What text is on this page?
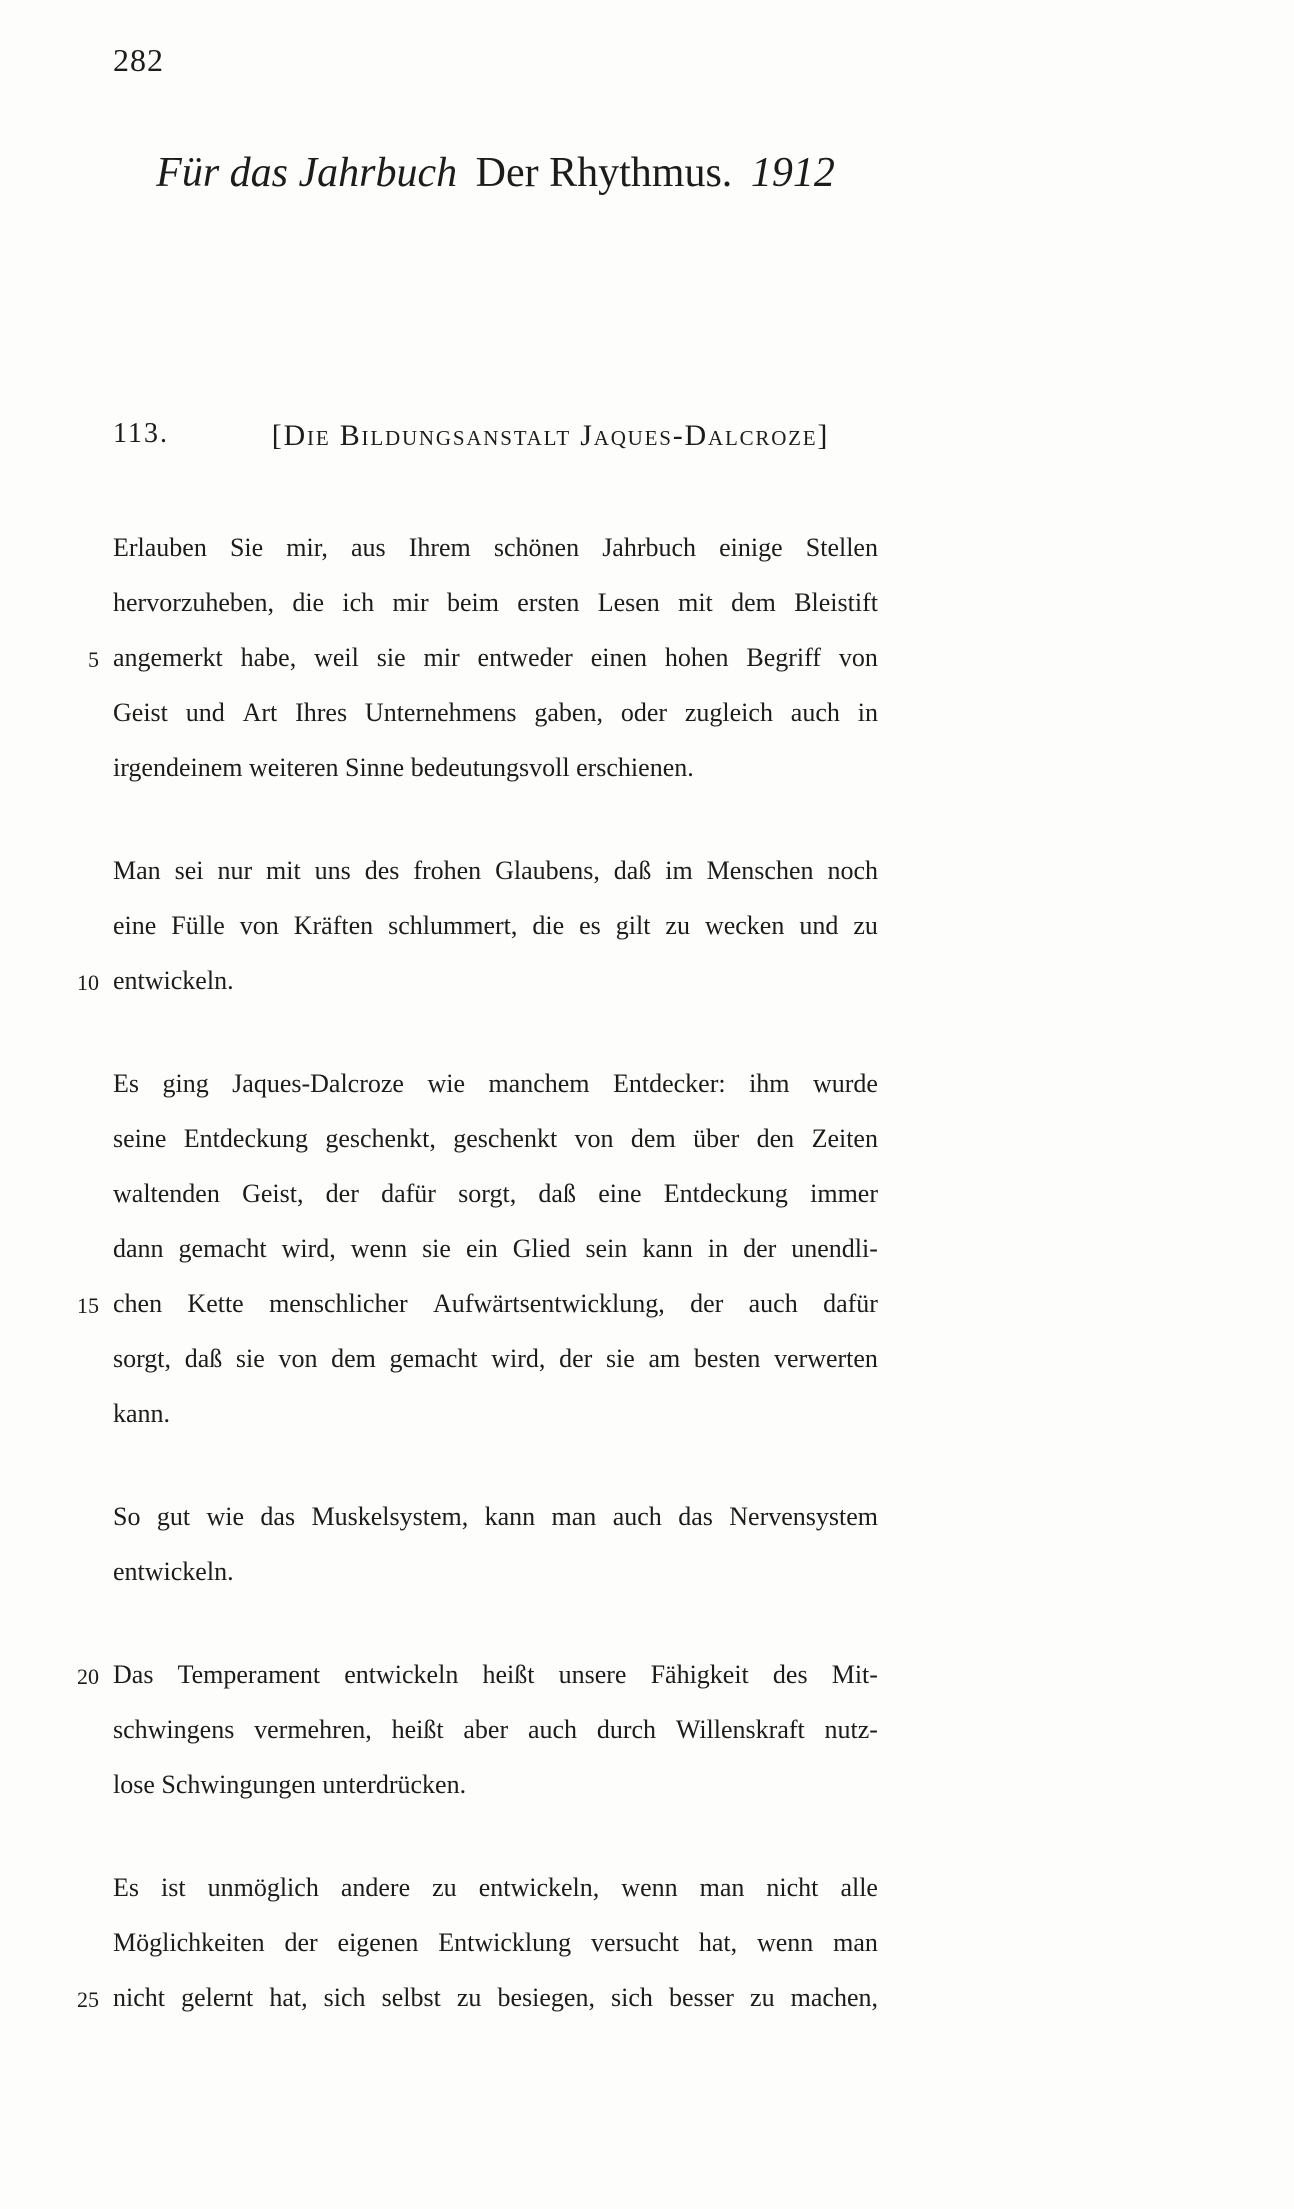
282
Für das Jahrbuch Der Rhythmus. 1912
113.	[Die Bildungsanstalt Jaques-Dalcroze]
Erlauben Sie mir, aus Ihrem schönen Jahrbuch einige Stellen
hervorzuheben, die ich mir beim ersten Lesen mit dem Bleistift
angemerkt habe, weil sie mir entweder einen hohen Begriff von
Geist und Art Ihres Unternehmens gaben, oder zugleich auch in
irgendeinem weiteren Sinne bedeutungsvoll erschienen.
5
Man sei nur mit uns des frohen Glaubens, daß im Menschen noch
eine Fülle von Kräften schlummert, die es gilt zu wecken und zu
entwickeln.
10
Es ging Jaques-Dalcroze wie manchem Entdecker: ihm wurde
seine Entdeckung geschenkt, geschenkt von dem über den Zeiten
waltenden Geist, der dafür sorgt, daß eine Entdeckung immer
dann gemacht wird, wenn sie ein Glied sein kann in der unendli-
chen Kette menschlicher Aufwärtsentwicklung, der auch dafür
sorgt, daß sie von dem gemacht wird, der sie am besten verwerten
kann.
15
So gut wie das Muskelsystem, kann man auch das Nervensystem
entwickeln.
Das Temperament entwickeln heißt unsere Fähigkeit des Mit-
schwingens vermehren, heißt aber auch durch Willenskraft nutz-
lose Schwingungen unterdrücken.
20
Es ist unmöglich andere zu entwickeln, wenn man nicht alle
Möglichkeiten der eigenen Entwicklung versucht hat, wenn man
nicht gelernt hat, sich selbst zu besiegen, sich besser zu machen,
25
